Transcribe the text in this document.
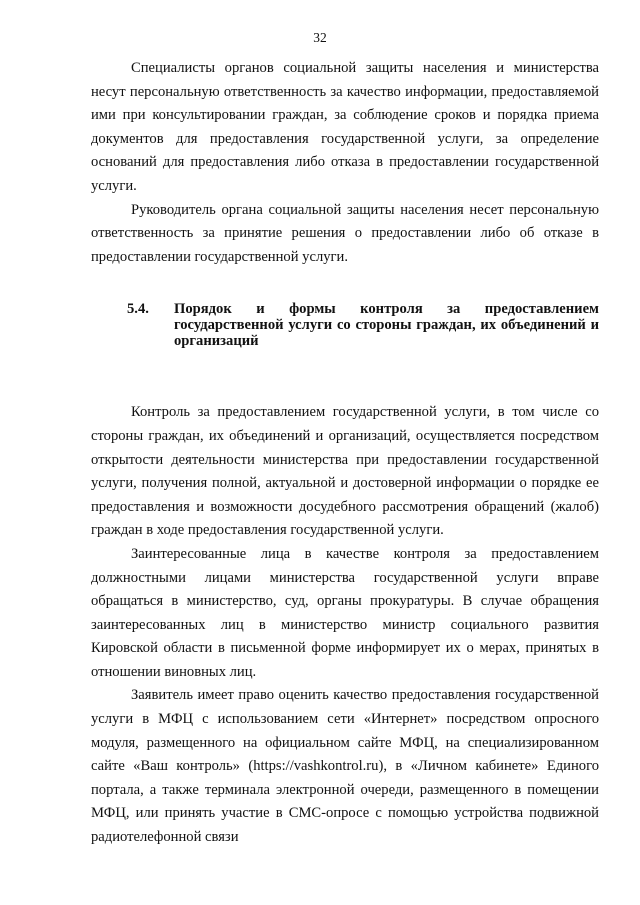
32

Специалисты органов социальной защиты населения и министерства несут персональную ответственность за качество информации, предоставляемой ими при консультировании граждан, за соблюдение сроков и порядка приема документов для предоставления государственной услуги, за определение оснований для предоставления либо отказа в предоставлении государственной услуги.

Руководитель органа социальной защиты населения несет персональную ответственность за принятие решения о предоставлении либо об отказе в предоставлении государственной услуги.

5.4.	Порядок и формы контроля за предоставлением государственной услуги со стороны граждан, их объединений и организаций

Контроль за предоставлением государственной услуги, в том числе со стороны граждан, их объединений и организаций, осуществляется посредством открытости деятельности министерства при предоставлении государственной услуги, получения полной, актуальной и достоверной информации о порядке ее предоставления и возможности досудебного рассмотрения обращений (жалоб) граждан в ходе предоставления государственной услуги.

Заинтересованные лица в качестве контроля за предоставлением должностными лицами министерства государственной услуги вправе обращаться в министерство, суд, органы прокуратуры. В случае обращения заинтересованных лиц в министерство министр социального развития Кировской области в письменной форме информирует их о мерах, принятых в отношении виновных лиц.

Заявитель имеет право оценить качество предоставления государственной услуги в МФЦ с использованием сети «Интернет» посредством опросного модуля, размещенного на официальном сайте МФЦ, на специализированном сайте «Ваш контроль» (https://vashkontrol.ru), в «Личном кабинете» Единого портала, а также терминала электронной очереди, размещенного в помещении МФЦ, или принять участие в СМС-опросе с помощью устройства подвижной радиотелефонной связи
